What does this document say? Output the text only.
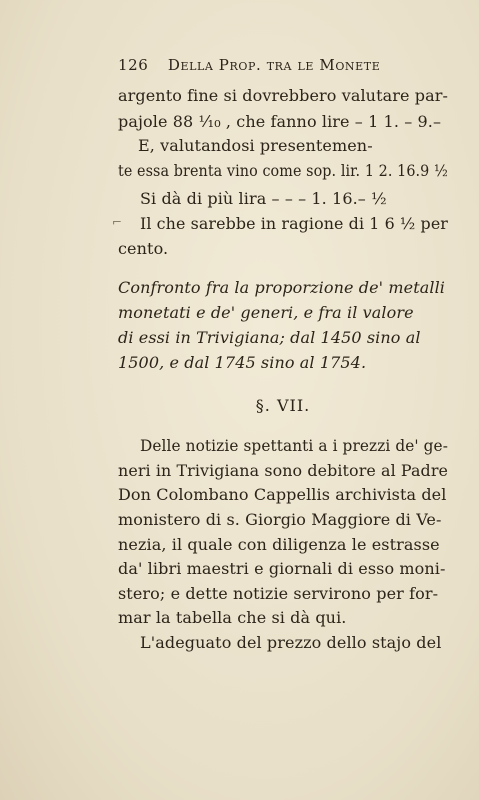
126 Della Prop. tra le Monete
⌐
argento fine si dovrebbero valutare par-
pajole 88 ⅟₁₀ , che fanno lire – 1 1. – 9.–
E, valutandosi presentemen-
te essa brenta vino come sop. lir. 1 2. 16.9 ½
Si dà di più lira – – – 1. 16.– ½
Il che sarebbe in ragione di 1 6 ½ per
cento.
Confronto fra la proporzione de' metalli
monetati e de' generi, e fra il valore
di essi in Trivigiana; dal 1450 sino al
1500, e dal 1745 sino al 1754.
§. VII.
Delle notizie spettanti a i prezzi de' ge-
neri in Trivigiana sono debitore al Padre
Don Colombano Cappellis archivista del
monistero di s. Giorgio Maggiore di Ve-
nezia, il quale con diligenza le estrasse
da' libri maestri e giornali di esso moni-
stero; e dette notizie servirono per for-
mar la tabella che si dà qui.
L'adeguato del prezzo dello stajo del
